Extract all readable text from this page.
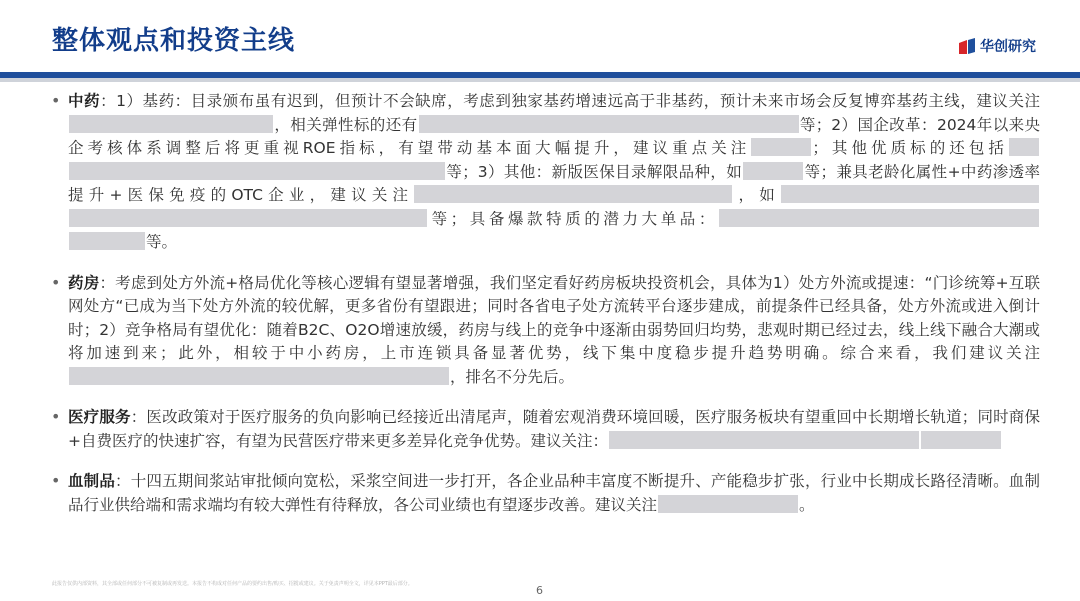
整体观点和投资主线	华创研究
• 中药：1）基药：目录颁布虽有迟到，但预计不会缺席，考虑到独家基药增速远高于非基药，预计未来市场会反复博弈基药主线，建议关注，相关弹性标的还有	等；2）国企改革：2024年以来央企考核体系调整后将更重视ROE指标，有望带动基本面大幅提升，建议重点关注	；其他优质标的还包括等；3）其他：新版医保目录解限品种，如	等；兼具老龄化属性+中药渗透率提升+医保免疫的OTC企业，建议关注	，如等；具备爆款特质的潜力大单品：等。
• 药房：考虑到处方外流+格局优化等核心逻辑有望显著增强，我们坚定看好药房板块投资机会，具体为1）处方外流或提速：“门诊统筹+互联网处方“已成为当下处方外流的较优解，更多省份有望跟进；同时各省电子处方流转平台逐步建成，前提条件已经具备，处方外流或进入倒计时；2）竞争格局有望优化：随着B2C、O2O增速放缓，药房与线上的竞争中逐渐由弱势回归均势，悲观时期已经过去，线上线下融合大潮或将加速到来；此外，相较于中小药房，上市连锁具备显著优势，线下集中度稳步提升趋势明确。综合来看，我们建议关注，排名不分先后。
• 医疗服务：医改政策对于医疗服务的负向影响已经接近出清尾声，随着宏观消费环境回暖，医疗服务板块有望重回中长期增长轨道；同时商保+自费医疗的快速扩容，有望为民营医疗带来更多差异化竞争优势。建议关注：
• 血制品：十四五期间浆站审批倾向宽松，采浆空间进一步打开，各企业品种丰富度不断提升、产能稳步扩张，行业中长期成长路径清晰。血制品行业供给端和需求端均有较大弹性有待释放，各公司业绩也有望逐步改善。建议关注	。
此报告仅供内部资料，其全部或任何部分不可被复制或再发送。本报告不构成对任何产品的要约出售/购买、招揽或建议。关于免责声明全文，详见本PPT最后部分。	6
